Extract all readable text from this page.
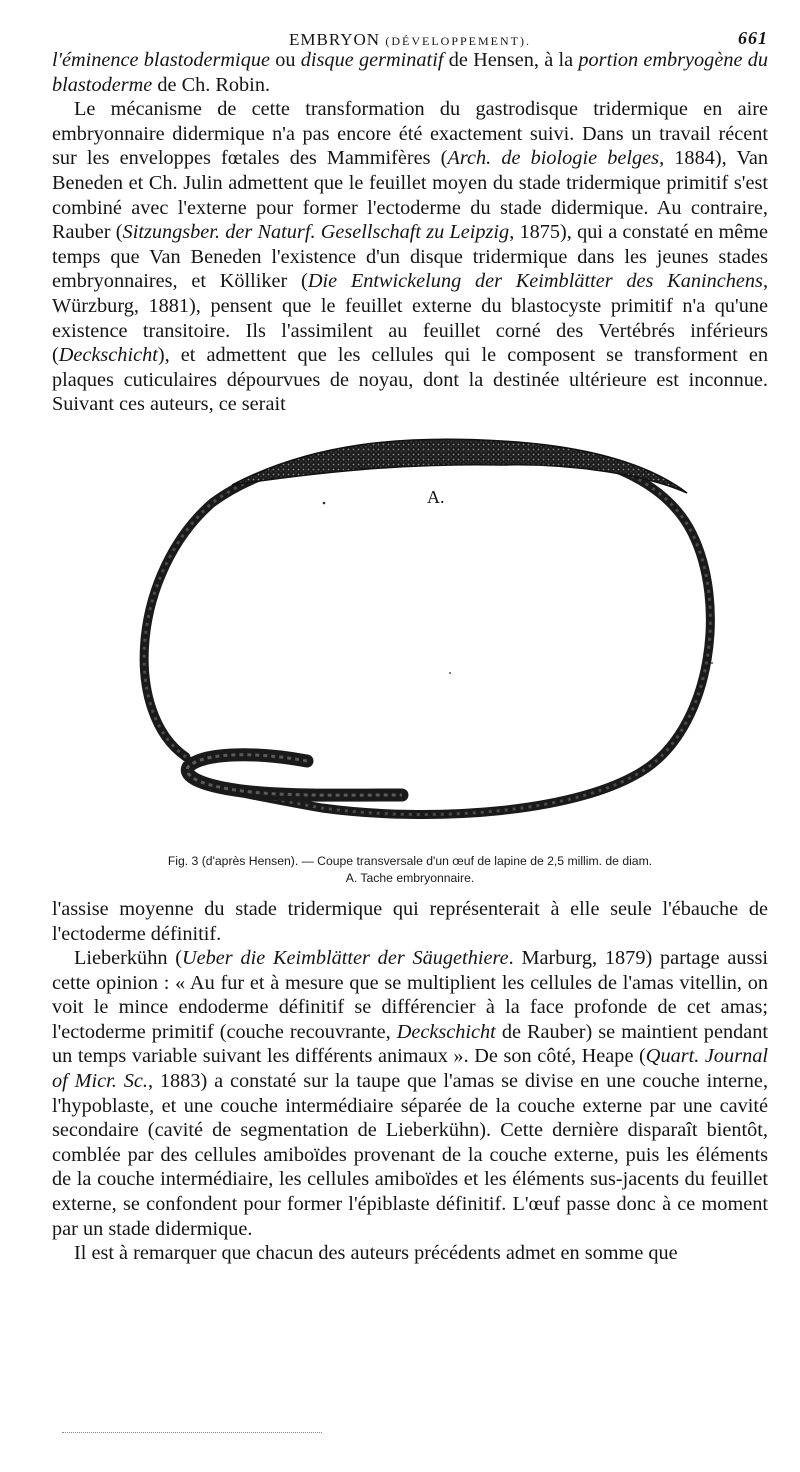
EMBRYON (DÉVELOPPEMENT).	661

l'éminence blastodermique ou disque germinatif de Hensen, à la portion embryogène du blastoderme de Ch. Robin.

Le mécanisme de cette transformation du gastrodisque tridermique en aire embryonnaire didermique n'a pas encore été exactement suivi. Dans un travail récent sur les enveloppes fœtales des Mammifères (Arch. de biologie belges, 1884), Van Beneden et Ch. Julin admettent que le feuillet moyen du stade tridermique primitif s'est combiné avec l'externe pour former l'ectoderme du stade didermique. Au contraire, Rauber (Sitzungsber. der Naturf. Gesellschaft zu Leipzig, 1875), qui a constaté en même temps que Van Beneden l'existence d'un disque tridermique dans les jeunes stades embryonnaires, et Kölliker (Die Entwickelung der Keimblätter des Kaninchens, Würzburg, 1881), pensent que le feuillet externe du blastocyste primitif n'a qu'une existence transitoire. Ils l'assimilent au feuillet corné des Vertébrés inférieurs (Deckschicht), et admettent que les cellules qui le composent se transforment en plaques cuticulaires dépourvues de noyau, dont la destinée ultérieure est inconnue. Suivant ces auteurs, ce serait

A.
Fig. 3 (d'après Hensen). — Coupe transversale d'un œuf de lapine de 2,5 millim. de diam.
A. Tache embryonnaire.

l'assise moyenne du stade tridermique qui représenterait à elle seule l'ébauche de l'ectoderme définitif.

Lieberkühn (Ueber die Keimblätter der Säugethiere. Marburg, 1879) partage aussi cette opinion : « Au fur et à mesure que se multiplient les cellules de l'amas vitellin, on voit le mince endoderme définitif se différencier à la face profonde de cet amas; l'ectoderme primitif (couche recouvrante, Deckschicht de Rauber) se maintient pendant un temps variable suivant les différents animaux ». De son côté, Heape (Quart. Journal of Micr. Sc., 1883) a constaté sur la taupe que l'amas se divise en une couche interne, l'hypoblaste, et une couche intermédiaire séparée de la couche externe par une cavité secondaire (cavité de segmentation de Lieberkühn). Cette dernière disparaît bientôt, comblée par des cellules amiboïdes provenant de la couche externe, puis les éléments de la couche intermédiaire, les cellules amiboïdes et les éléments sus-jacents du feuillet externe, se confondent pour former l'épiblaste définitif. L'œuf passe donc à ce moment par un stade didermique.

Il est à remarquer que chacun des auteurs précédents admet en somme que
